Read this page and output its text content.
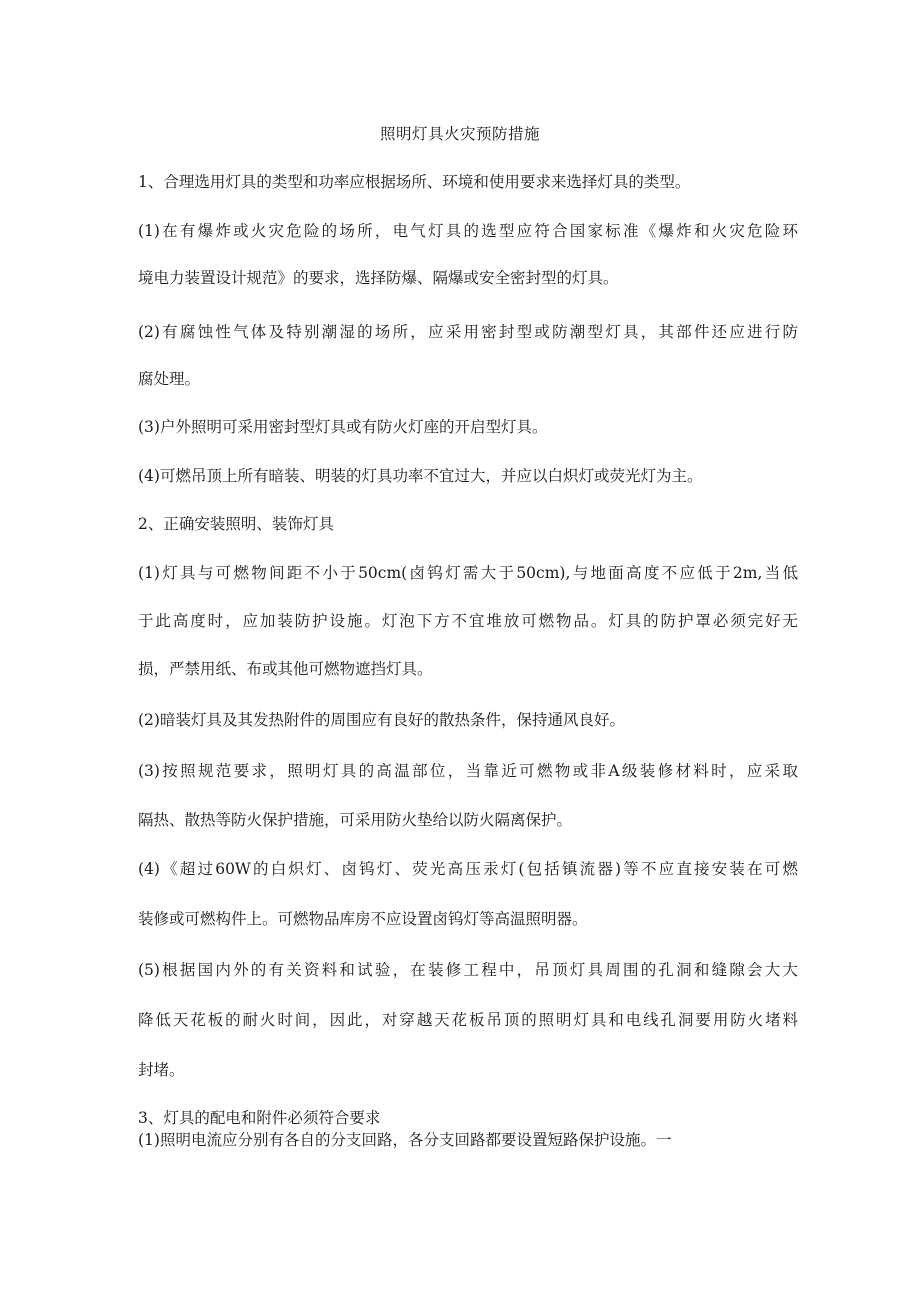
照明灯具火灾预防措施
1、合理选用灯具的类型和功率应根据场所、环境和使用要求来选择灯具的类型。
(1)在有爆炸或火灾危险的场所，电气灯具的选型应符合国家标准《爆炸和火灾危险环
境电力装置设计规范》的要求，选择防爆、隔爆或安全密封型的灯具。
(2)有腐蚀性气体及特别潮湿的场所，应采用密封型或防潮型灯具，其部件还应进行防
腐处理。
(3)户外照明可采用密封型灯具或有防火灯座的开启型灯具。
(4)可燃吊顶上所有暗装、明装的灯具功率不宜过大，并应以白炽灯或荧光灯为主。
2、正确安装照明、装饰灯具
(1)灯具与可燃物间距不小于50cm(卤钨灯需大于50cm),与地面高度不应低于2m,当低
于此高度时，应加装防护设施。灯泡下方不宜堆放可燃物品。灯具的防护罩必须完好无
损，严禁用纸、布或其他可燃物遮挡灯具。
(2)暗装灯具及其发热附件的周围应有良好的散热条件，保持通风良好。
(3)按照规范要求，照明灯具的高温部位，当靠近可燃物或非A级装修材料时，应采取
隔热、散热等防火保护措施，可采用防火垫给以防火隔离保护。
(4)《超过60W的白炽灯、卤钨灯、荧光高压汞灯(包括镇流器)等不应直接安装在可燃
装修或可燃构件上。可燃物品库房不应设置卤钨灯等高温照明器。
(5)根据国内外的有关资料和试验，在装修工程中，吊顶灯具周围的孔洞和缝隙会大大
降低天花板的耐火时间，因此，对穿越天花板吊顶的照明灯具和电线孔洞要用防火堵料
封堵。
3、灯具的配电和附件必须符合要求
(1)照明电流应分别有各自的分支回路，各分支回路都要设置短路保护设施。一
